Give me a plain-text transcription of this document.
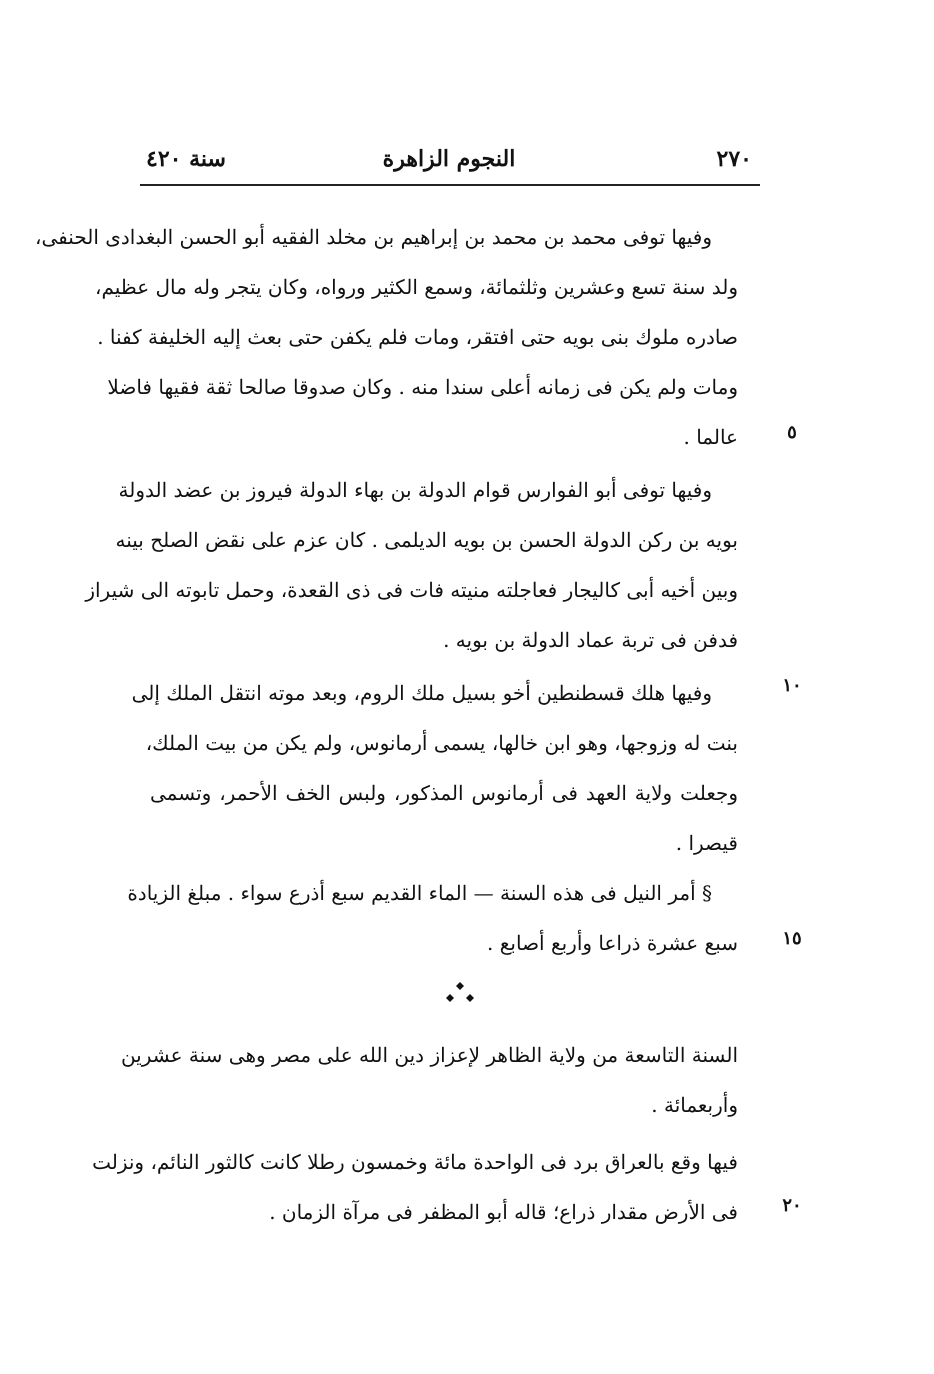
٢٧٠
النجوم الزاهرة
سنة ٤٢٠
وفيها توفى محمد بن محمد بن إبراهيم بن مخلد الفقيه أبو الحسن البغدادى الحنفى،
ولد سنة تسع وعشرين وثلثمائة، وسمع الكثير ورواه، وكان يتجر وله مال عظيم،
صادره ملوك بنى بويه حتى افتقر، ومات فلم يكفن حتى بعث إليه الخليفة كفنا .
ومات ولم يكن فى زمانه أعلى سندا منه . وكان صدوقا صالحا ثقة فقيها فاضلا
عالما .
وفيها توفى أبو الفوارس قوام الدولة بن بهاء الدولة فيروز بن عضد الدولة
بويه بن ركن الدولة الحسن بن بويه الديلمى . كان عزم على نقض الصلح بينه
وبين أخيه أبى كاليجار فعاجلته منيته فات فى ذى القعدة، وحمل تابوته الى شيراز
فدفن فى تربة عماد الدولة بن بويه .
وفيها هلك قسطنطين أخو بسيل ملك الروم، وبعد موته انتقل الملك إلى
بنت له وزوجها، وهو ابن خالها، يسمى أرمانوس، ولم يكن من بيت الملك،
وجعلت ولاية العهد فى أرمانوس المذكور، ولبس الخف الأحمر، وتسمى
قيصرا .
§ أمر النيل فى هذه السنة — الماء القديم سبع أذرع سواء . مبلغ الزيادة
سبع عشرة ذراعا وأربع أصابع .
السنة التاسعة من ولاية الظاهر لإعزاز دين الله على مصر وهى سنة عشرين
وأربعمائة .
فيها وقع بالعراق برد فى الواحدة مائة وخمسون رطلا كانت كالثور النائم، ونزلت
فى الأرض مقدار ذراع؛ قاله أبو المظفر فى مرآة الزمان .
٥
١٠
١٥
٢٠
